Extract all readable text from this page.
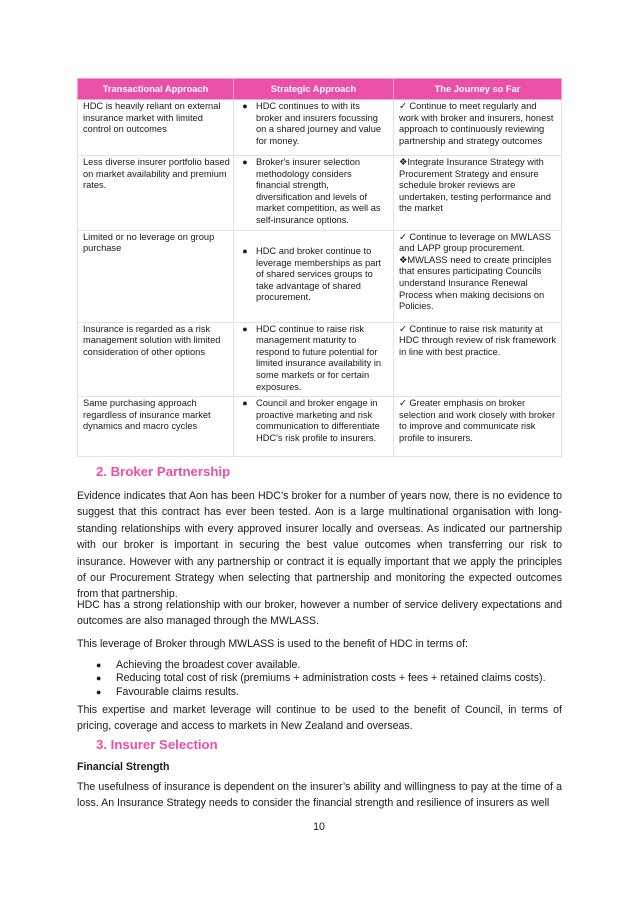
Transactional Approach	Strategic Approach	The Journey so Far
HDC is heavily reliant on external insurance market with limited control on outcomes	● HDC continues to with its broker and insurers focussing on a shared journey and value for money.	✓ Continue to meet regularly and work with broker and insurers, honest approach to continuously reviewing partnership and strategy outcomes

Less diverse insurer portfolio based on market availability and premium rates.	● Broker's insurer selection methodology considers financial strength, diversification and levels of market competition, as well as self-insurance options.	❖Integrate Insurance Strategy with Procurement Strategy and ensure schedule broker reviews are undertaken, testing performance and the market

Limited or no leverage on group purchase	● HDC and broker continue to leverage memberships as part of shared services groups to take advantage of shared procurement.	✓ Continue to leverage on MWLASS and LAPP group procurement.
❖MWLASS need to create principles that ensures participating Councils understand Insurance Renewal Process when making decisions on Policies.

Insurance is regarded as a risk management solution with limited consideration of other options	● HDC continue to raise risk management maturity to respond to future potential for limited insurance availability in some markets or for certain exposures.	✓ Continue to raise risk maturity at HDC through review of risk framework in line with best practice.

Same purchasing approach regardless of insurance market dynamics and macro cycles	● Council and broker engage in proactive marketing and risk communication to differentiate HDC's risk profile to insurers.	✓ Greater emphasis on broker selection and work closely with broker to improve and communicate risk profile to insurers.
2. Broker Partnership

Evidence indicates that Aon has been HDC’s broker for a number of years now, there is no evidence to suggest that this contract has ever been tested. Aon is a large multinational organisation with long-standing relationships with every approved insurer locally and overseas. As indicated our partnership with our broker is important in securing the best value outcomes when transferring our risk to insurance. However with any partnership or contract it is equally important that we apply the principles of our Procurement Strategy when selecting that partnership and monitoring the expected outcomes from that partnership.

HDC has a strong relationship with our broker, however a number of service delivery expectations and outcomes are also managed through the MWLASS.

This leverage of Broker through MWLASS is used to the benefit of HDC in terms of:

●	Achieving the broadest cover available.
●	Reducing total cost of risk (premiums + administration costs + fees + retained claims costs).
●	Favourable claims results.

This expertise and market leverage will continue to be used to the benefit of Council, in terms of pricing, coverage and access to markets in New Zealand and overseas.

3. Insurer Selection
Financial Strength

The usefulness of insurance is dependent on the insurer’s ability and willingness to pay at the time of a loss. An Insurance Strategy needs to consider the financial strength and resilience of insurers as well

10
